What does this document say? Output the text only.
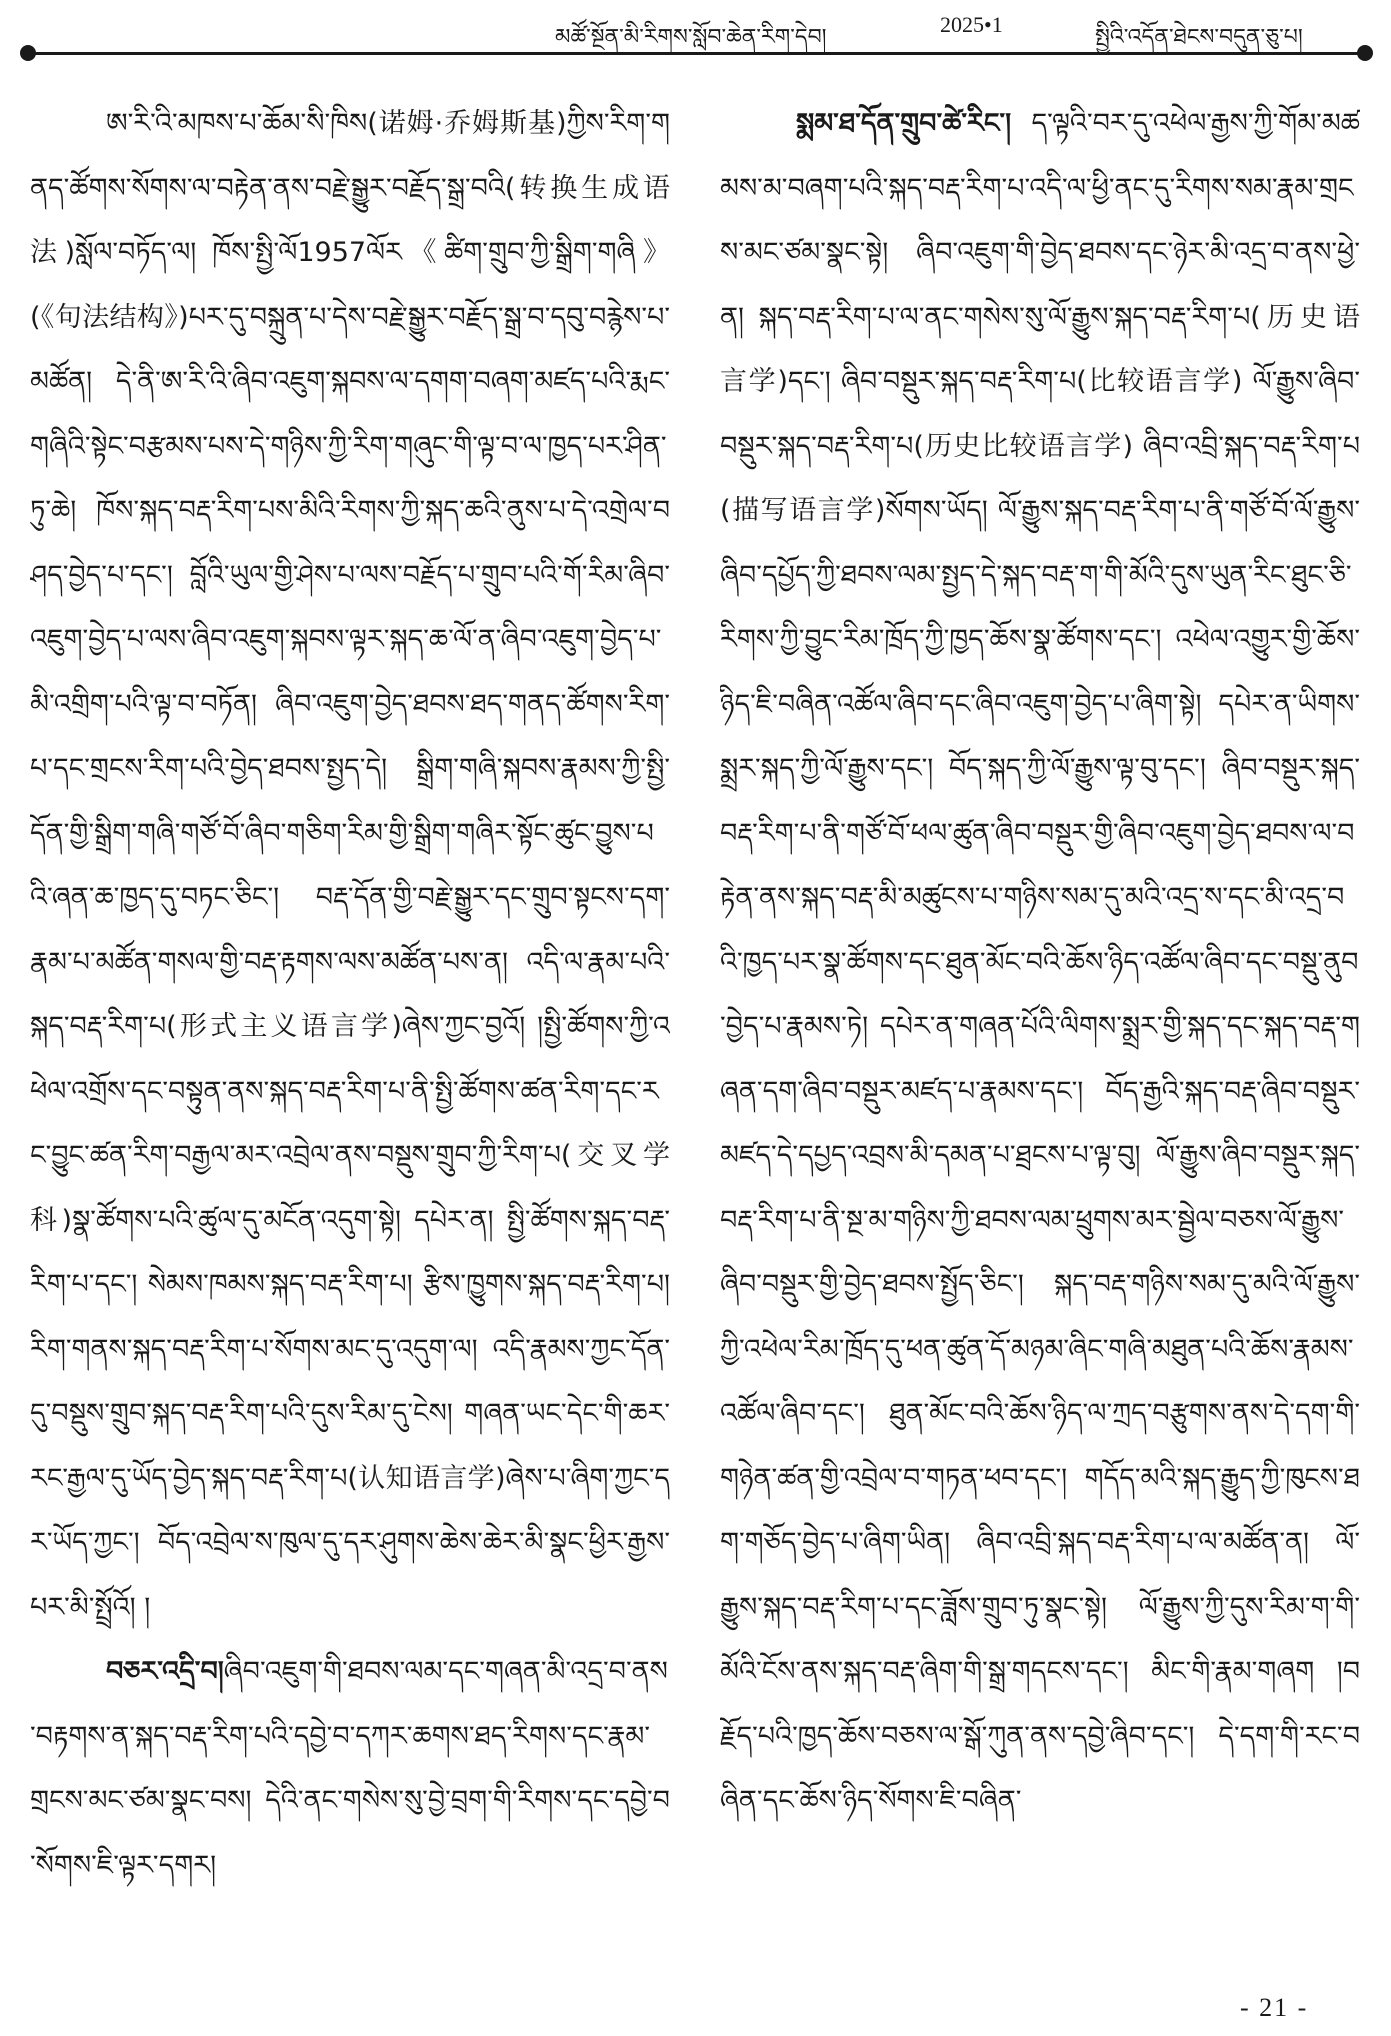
མཚོ་སྔོན་མི་རིགས་སློབ་ཆེན་རིག་དེབ།
2025•1
སྤྱིའི་འདོན་ཐེངས་བདུན་ཅུ་པ།

ཨ་རི་འི་མཁས་པ་ཆོམ་སི་ཁིས(诺姆·乔姆斯基)ཀྱིས་རིག་གནད་ཚོགས་སོགས་ལ་བརྟེན་ནས་བརྗེ་སྒྱུར་བརྗོད་སྒྲ་བའི(转换生成语法)སློལ་བཏོད་ལ། ཁོས་སྤྱི་ལོ1957ལོར《ཚིག་གྲུབ་ཀྱི་སྒྲིག་གཞི》(《句法结构》)པར་དུ་བསྐྲུན་པ་དེས་བརྗེ་སྒྱུར་བརྗོད་སྒྲ་བ་དབུ་བརྙེས་པ་མཚོན། དེ་ནི་ཨ་རི་འི་ཞིབ་འཇུག་སྐབས་ལ་དགག་བཞག་མཛད་པའི་རྨང་གཞིའི་སྟེང་བརྩམས་པས་དེ་གཉིས་ཀྱི་རིག་གཞུང་གི་ལྟ་བ་ལ་ཁྱད་པར་ཤིན་ཏུ་ཆེ། ཁོས་སྐད་བརྡ་རིག་པས་མིའི་རིགས་ཀྱི་སྐད་ཆའི་ནུས་པ་དེ་འགྲེལ་བཤད་བྱེད་པ་དང་། བློའི་ཡུལ་གྱི་ཤེས་པ་ལས་བརྗོད་པ་གྲུབ་པའི་གོ་རིམ་ཞིབ་འཇུག་བྱེད་པ་ལས་ཞིབ་འཇུག་སྐབས་ལྟར་སྐད་ཆ་ལོ་ན་ཞིབ་འཇུག་བྱེད་པ་མི་འགྲིག་པའི་ལྟ་བ་བཏོན། ཞིབ་འཇུག་བྱེད་ཐབས་ཐད་གནད་ཚོགས་རིག་པ་དང་གྲངས་རིག་པའི་བྱེད་ཐབས་སྤྱད་དེ། སྒྲིག་གཞི་སྐབས་རྣམས་ཀྱི་སྤྱི་དོན་གྱི་སྒྲིག་གཞི་གཙོ་བོ་ཞིབ་གཅིག་རིམ་གྱི་སྒྲིག་གཞིར་སྟོང་ཚུང་བྱུས་པའི་ཞན་ཆ་ཁྱད་དུ་བཏང་ཅིང་། བརྡ་དོན་གྱི་བརྗེ་སྒྱུར་དང་གྲུབ་སྟངས་དག་རྣམ་པ་མཚོན་གསལ་གྱི་བརྡ་རྟགས་ལས་མཚོན་པས་ན། འདི་ལ་རྣམ་པའི་སྐད་བརྡ་རིག་པ(形式主义语言学)ཞེས་ཀྱང་བྱའོ། །སྤྱི་ཚོགས་ཀྱི་འཕེལ་འགྲོས་དང་བསྟུན་ནས་སྐད་བརྡ་རིག་པ་ནི་སྤྱི་ཚོགས་ཚན་རིག་དང་རང་བྱུང་ཚན་རིག་བརྒྱལ་མར་འབྲེལ་ནས་བསྡུས་གྲུབ་ཀྱི་རིག་པ(交叉学科)སྣ་ཚོགས་པའི་ཚུལ་དུ་མངོན་འདུག་སྟེ། དཔེར་ན། སྤྱི་ཚོགས་སྐད་བརྡ་རིག་པ་དང་། སེམས་ཁམས་སྐད་བརྡ་རིག་པ། རྩིས་ཁྱུགས་སྐད་བརྡ་རིག་པ། རིག་གནས་སྐད་བརྡ་རིག་པ་སོགས་མང་དུ་འདུག་ལ། འདི་རྣམས་ཀྱང་དོན་དུ་བསྡུས་གྲུབ་སྐད་བརྡ་རིག་པའི་དུས་རིམ་དུ་ངེས། གཞན་ཡང་དེང་གི་ཆར་རང་རྒྱལ་དུ་ཡོད་བྱེད་སྐད་བརྡ་རིག་པ(认知语言学)ཞེས་པ་ཞིག་ཀྱང་དར་ཡོད་ཀྱང་། བོད་འབྲེལ་ས་ཁུལ་དུ་དར་ཤུགས་ཆེས་ཆེར་མི་སྣང་ཕྱིར་རྒྱས་པར་མི་སྤྲོའོ། །

བཅར་འདྲི་བ།ཞིབ་འཇུག་གི་ཐབས་ལམ་དང་གཞན་མི་འདྲ་བ་ནས་བརྟགས་ན་སྐད་བརྡ་རིག་པའི་དབྱེ་བ་དཀར་ཆགས་ཐད་རིགས་དང་རྣམ་གྲངས་མང་ཙམ་སྣང་བས། དེའི་ནང་གསེས་སུ་བྱེ་བྲག་གི་རིགས་དང་དབྱེ་བ་སོགས་ཇི་ལྟར་དགར།

སྨམ་ཐ་དོན་གྲུབ་ཚེ་རིང་། ད་ལྟའི་བར་དུ་འཕེལ་རྒྱས་ཀྱི་གོམ་མཚམས་མ་བཞག་པའི་སྐད་བརྡ་རིག་པ་འདི་ལ་ཕྱི་ནང་དུ་རིགས་སམ་རྣམ་གྲངས་མང་ཙམ་སྣང་སྟེ། ཞིབ་འཇུག་གི་བྱེད་ཐབས་དང་ཉེར་མི་འདྲ་བ་ནས་ཕྱེ་ན། སྐད་བརྡ་རིག་པ་ལ་ནང་གསེས་སུ་ལོ་རྒྱུས་སྐད་བརྡ་རིག་པ(历史语言学)དང་། ཞིབ་བསྡུར་སྐད་བརྡ་རིག་པ(比较语言学) ལོ་རྒྱུས་ཞིབ་བསྡུར་སྐད་བརྡ་རིག་པ(历史比较语言学) ཞིབ་འབྲི་སྐད་བརྡ་རིག་པ(描写语言学)སོགས་ཡོད། ལོ་རྒྱུས་སྐད་བརྡ་རིག་པ་ནི་གཙོ་བོ་ལོ་རྒྱུས་ཞིབ་དཔྱོད་ཀྱི་ཐབས་ལམ་སྤྱད་དེ་སྐད་བརྡ་ག་གི་མོའི་དུས་ཡུན་རིང་ཐུང་ཅི་རིགས་ཀྱི་བྱུང་རིམ་ཁྲོད་ཀྱི་ཁྱད་ཆོས་སྣ་ཚོགས་དང་། འཕེལ་འགྱུར་གྱི་ཆོས་ཉིད་ཇི་བཞིན་འཚོལ་ཞིབ་དང་ཞིབ་འཇུག་བྱེད་པ་ཞིག་སྟེ། དཔེར་ན་ཡིགས་སྨྲར་སྐད་ཀྱི་ལོ་རྒྱུས་དང་། བོད་སྐད་ཀྱི་ལོ་རྒྱུས་ལྟ་བུ་དང་། ཞིབ་བསྡུར་སྐད་བརྡ་རིག་པ་ནི་གཙོ་བོ་ཕལ་ཚུན་ཞིབ་བསྡུར་གྱི་ཞིབ་འཇུག་བྱེད་ཐབས་ལ་བརྟེན་ནས་སྐད་བརྡ་མི་མཚུངས་པ་གཉིས་སམ་དུ་མའི་འདྲ་ས་དང་མི་འདྲ་བའི་ཁྱད་པར་སྣ་ཚོགས་དང་ཐུན་མོང་བའི་ཆོས་ཉིད་འཚོལ་ཞིབ་དང་བསྡུ་ནུབ་བྱེད་པ་རྣམས་ཏེ། དཔེར་ན་གཞན་པོའི་ལིགས་སྨྲར་གྱི་སྐད་དང་སྐད་བརྡ་གཞན་དག་ཞིབ་བསྡུར་མཛད་པ་རྣམས་དང་། བོད་རྒྱའི་སྐད་བརྡ་ཞིབ་བསྡུར་མཛད་དེ་དཔྱད་འབྲས་མི་དམན་པ་ཐྲངས་པ་ལྟ་བུ། ལོ་རྒྱུས་ཞིབ་བསྡུར་སྐད་བརྡ་རིག་པ་ནི་སྔ་མ་གཉིས་ཀྱི་ཐབས་ལམ་ཕྲུགས་མར་སྦྱེལ་བཅས་ལོ་རྒྱུས་ཞིབ་བསྡུར་གྱི་བྱེད་ཐབས་སྤྱོད་ཅིང་། སྐད་བརྡ་གཉིས་སམ་དུ་མའི་ལོ་རྒྱུས་ཀྱི་འཕེལ་རིམ་ཁྲོད་དུ་ཕན་ཚུན་དོ་མཉམ་ཞིང་གཞི་མཐུན་པའི་ཆོས་རྣམས་འཚོལ་ཞིབ་དང་། ཐུན་མོང་བའི་ཆོས་ཉིད་ལ་ཀྲད་བརྩུགས་ནས་དེ་དག་གི་གཉེན་ཚན་གྱི་འབྲེལ་བ་གཏན་ཕབ་དང་། གདོད་མའི་སྐད་རྒྱུད་ཀྱི་ཁུངས་ཐག་གཅོད་བྱེད་པ་ཞིག་ཡིན། ཞིབ་འབྲི་སྐད་བརྡ་རིག་པ་ལ་མཚོན་ན། ལོ་རྒྱུས་སྐད་བརྡ་རིག་པ་དང་ཟློས་གྲུབ་ཏུ་སྣང་སྟེ། ལོ་རྒྱུས་ཀྱི་དུས་རིམ་ག་གི་མོའི་ངོས་ནས་སྐད་བརྡ་ཞིག་གི་སྒྲ་གདངས་དང་། མིང་གི་རྣམ་གཞག །བརྗོད་པའི་ཁྱད་ཆོས་བཅས་ལ་སྒོ་ཀུན་ནས་དབྱེ་ཞིབ་དང་། དེ་དག་གི་རང་བཞིན་དང་ཆོས་ཉིད་སོགས་ཇི་བཞིན་

- 21 -
